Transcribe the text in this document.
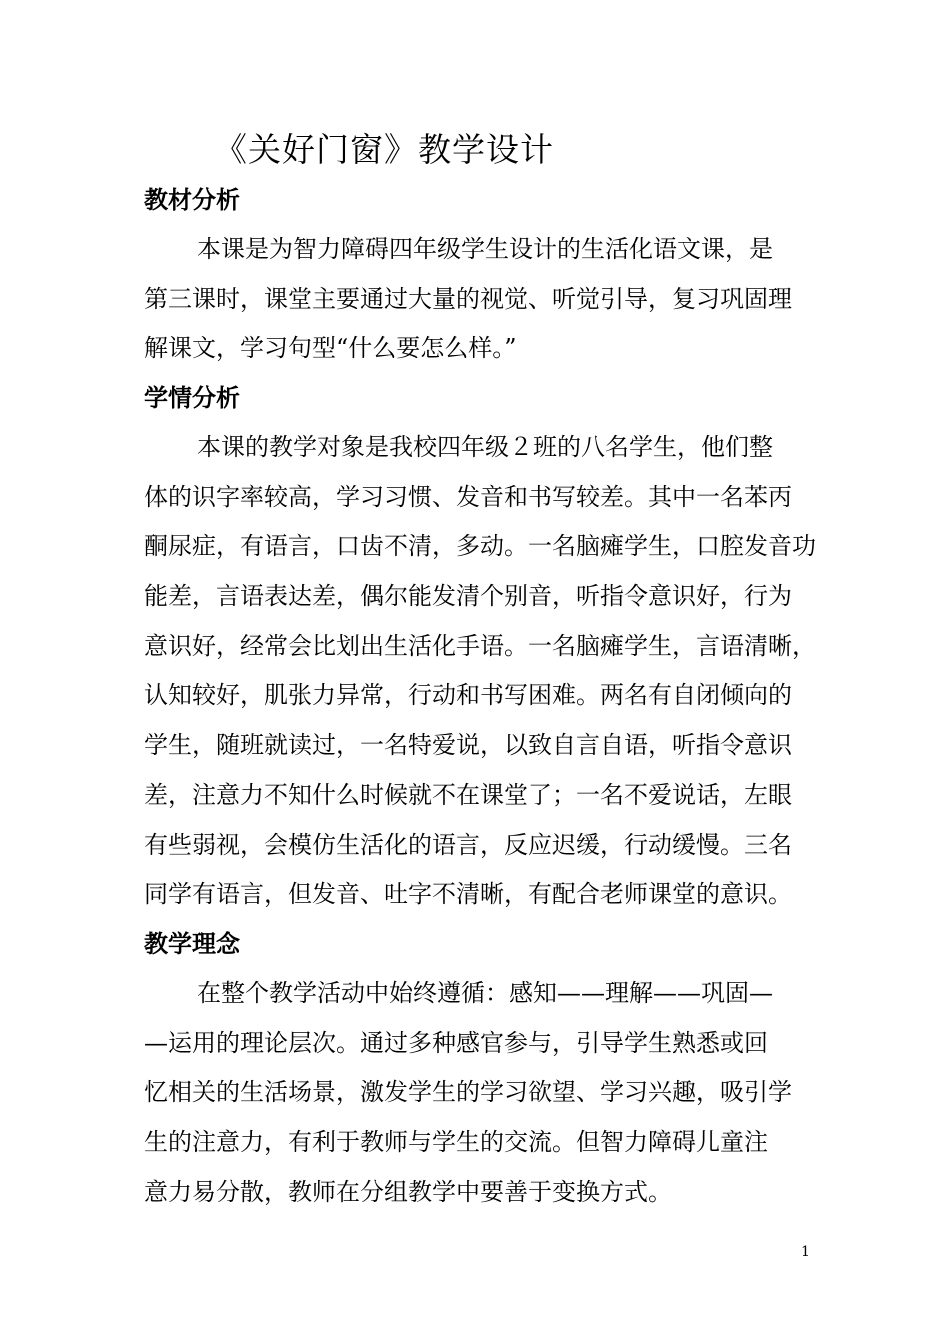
《关好门窗》教学设计
教材分析
本课是为智力障碍四年级学生设计的生活化语文课，是
第三课时，课堂主要通过大量的视觉、听觉引导，复习巩固理
解课文，学习句型“什么要怎么样。”
学情分析
本课的教学对象是我校四年级２班的八名学生，他们整
体的识字率较高，学习习惯、发音和书写较差。其中一名苯丙
酮尿症，有语言，口齿不清，多动。一名脑瘫学生，口腔发音功
能差，言语表达差，偶尔能发清个别音，听指令意识好，行为
意识好，经常会比划出生活化手语。一名脑瘫学生，言语清晰，
认知较好，肌张力异常，行动和书写困难。两名有自闭倾向的
学生，随班就读过，一名特爱说，以致自言自语，听指令意识
差，注意力不知什么时候就不在课堂了；一名不爱说话，左眼
有些弱视，会模仿生活化的语言，反应迟缓，行动缓慢。三名
同学有语言，但发音、吐字不清晰，有配合老师课堂的意识。
教学理念
在整个教学活动中始终遵循：感知——理解——巩固—
—运用的理论层次。通过多种感官参与，引导学生熟悉或回
忆相关的生活场景，激发学生的学习欲望、学习兴趣，吸引学
生的注意力，有利于教师与学生的交流。但智力障碍儿童注
意力易分散，教师在分组教学中要善于变换方式。
1
